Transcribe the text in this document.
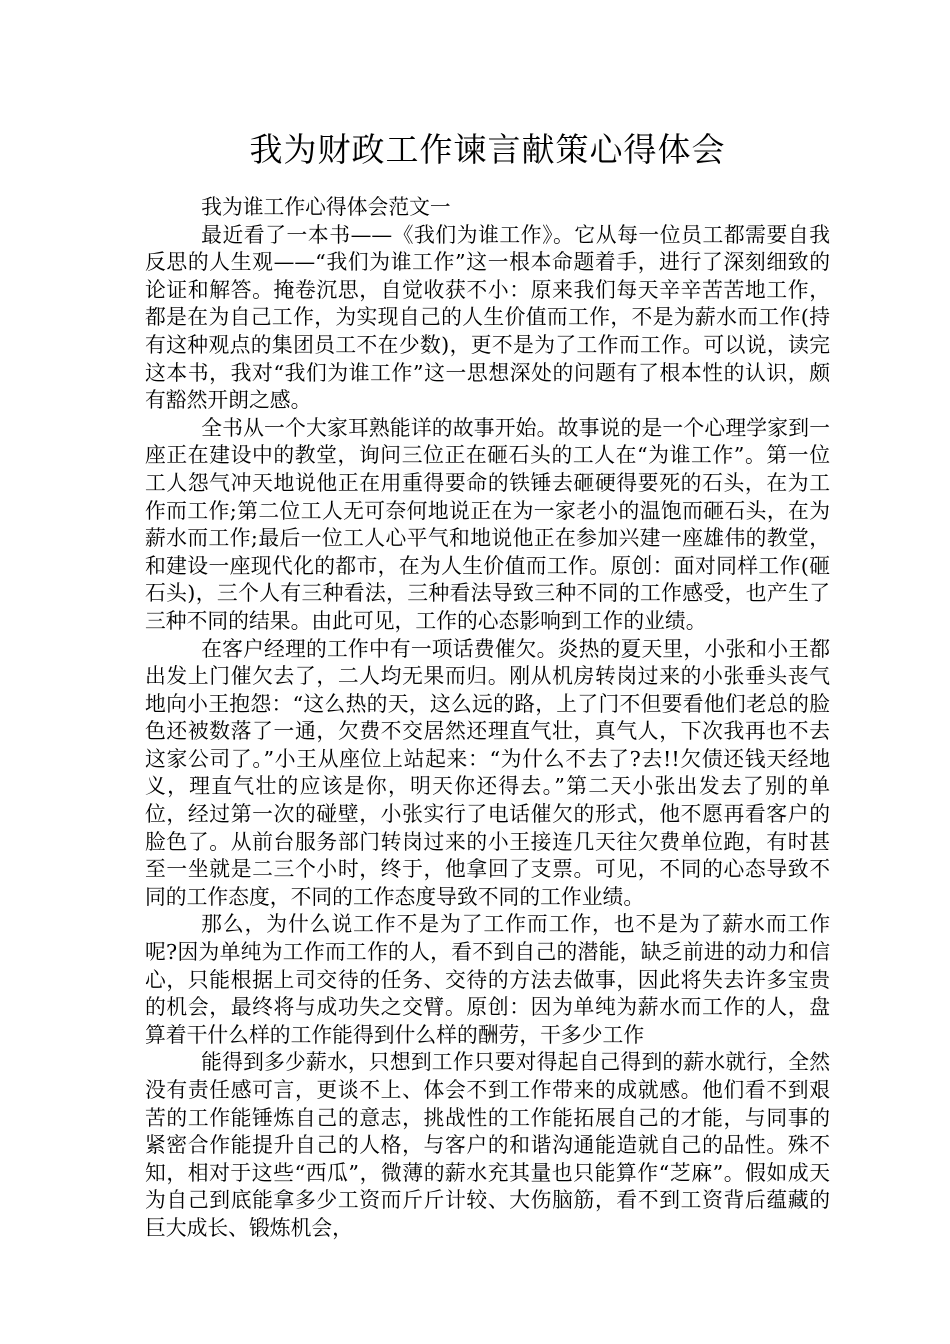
我为财政工作谏言献策心得体会

我为谁工作心得体会范文一

最近看了一本书——《我们为谁工作》。它从每一位员工都需要自我反思的人生观——“我们为谁工作”这一根本命题着手，进行了深刻细致的论证和解答。掩卷沉思，自觉收获不小：原来我们每天辛辛苦苦地工作，都是在为自己工作，为实现自己的人生价值而工作，不是为薪水而工作(持有这种观点的集团员工不在少数)，更不是为了工作而工作。可以说，读完这本书，我对“我们为谁工作”这一思想深处的问题有了根本性的认识，颇有豁然开朗之感。

全书从一个大家耳熟能详的故事开始。故事说的是一个心理学家到一座正在建设中的教堂，询问三位正在砸石头的工人在“为谁工作”。第一位工人怨气冲天地说他正在用重得要命的铁锤去砸硬得要死的石头，在为工作而工作;第二位工人无可奈何地说正在为一家老小的温饱而砸石头，在为薪水而工作;最后一位工人心平气和地说他正在参加兴建一座雄伟的教堂，和建设一座现代化的都市，在为人生价值而工作。原创：面对同样工作(砸石头)，三个人有三种看法，三种看法导致三种不同的工作感受，也产生了三种不同的结果。由此可见，工作的心态影响到工作的业绩。

在客户经理的工作中有一项话费催欠。炎热的夏天里，小张和小王都出发上门催欠去了，二人均无果而归。刚从机房转岗过来的小张垂头丧气地向小王抱怨：“这么热的天，这么远的路，上了门不但要看他们老总的脸色还被数落了一通，欠费不交居然还理直气壮，真气人，下次我再也不去这家公司了。”小王从座位上站起来：“为什么不去了?去!!欠债还钱天经地义，理直气壮的应该是你，明天你还得去。”第二天小张出发去了别的单位，经过第一次的碰壁，小张实行了电话催欠的形式，他不愿再看客户的脸色了。从前台服务部门转岗过来的小王接连几天往欠费单位跑，有时甚至一坐就是二三个小时，终于，他拿回了支票。可见，不同的心态导致不同的工作态度，不同的工作态度导致不同的工作业绩。

那么，为什么说工作不是为了工作而工作，也不是为了薪水而工作呢?因为单纯为工作而工作的人，看不到自己的潜能，缺乏前进的动力和信心，只能根据上司交待的任务、交待的方法去做事，因此将失去许多宝贵的机会，最终将与成功失之交臂。原创：因为单纯为薪水而工作的人，盘算着干什么样的工作能得到什么样的酬劳，干多少工作

能得到多少薪水，只想到工作只要对得起自己得到的薪水就行，全然没有责任感可言，更谈不上、体会不到工作带来的成就感。他们看不到艰苦的工作能锤炼自己的意志，挑战性的工作能拓展自己的才能，与同事的紧密合作能提升自己的人格，与客户的和谐沟通能造就自己的品性。殊不知，相对于这些“西瓜”，微薄的薪水充其量也只能算作“芝麻”。假如成天为自己到底能拿多少工资而斤斤计较、大伤脑筋，看不到工资背后蕴藏的巨大成长、锻炼机会，
